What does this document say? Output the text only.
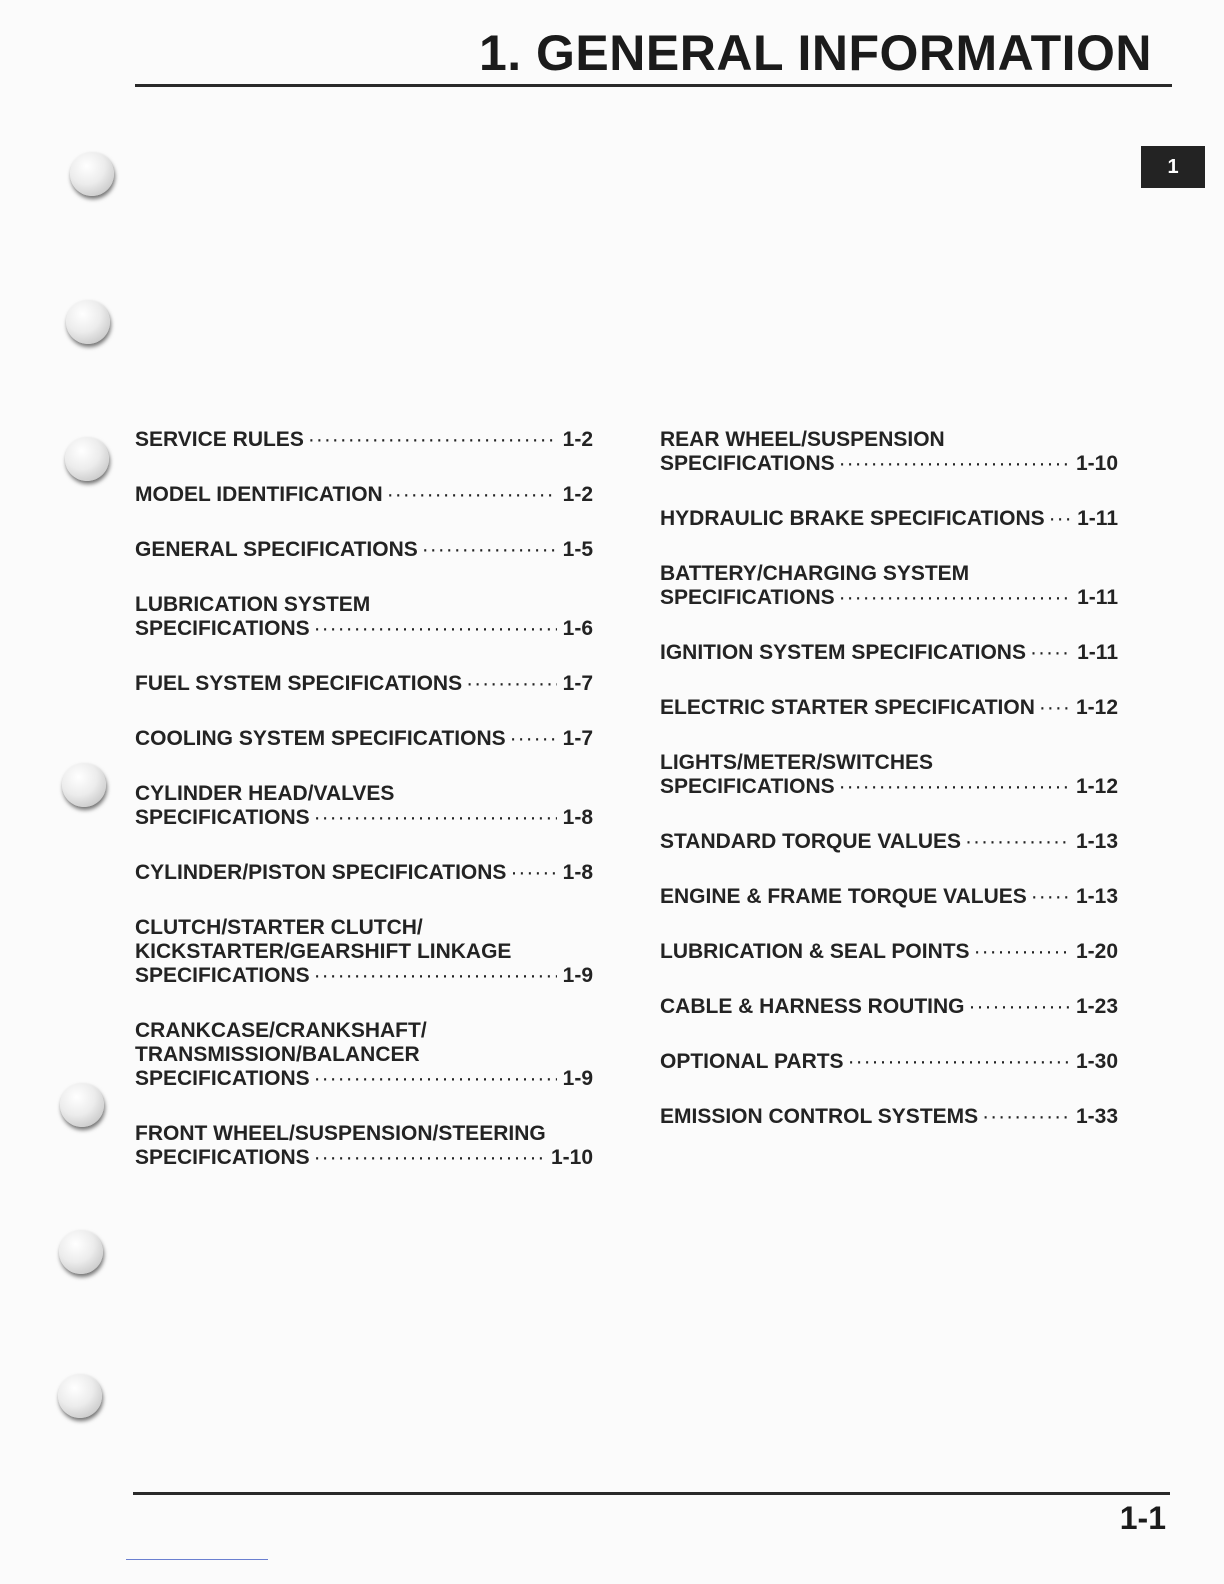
1. GENERAL INFORMATION
1
SERVICE RULES ·····	1-2
MODEL IDENTIFICATION ·····	1-2
GENERAL SPECIFICATIONS ·····	1-5
LUBRICATION SYSTEM
SPECIFICATIONS ·····	1-6
FUEL SYSTEM SPECIFICATIONS ·····	1-7
COOLING SYSTEM SPECIFICATIONS ·····	1-7
CYLINDER HEAD/VALVES
SPECIFICATIONS ·····	1-8
CYLINDER/PISTON SPECIFICATIONS ·····	1-8
CLUTCH/STARTER CLUTCH/
KICKSTARTER/GEARSHIFT LINKAGE
SPECIFICATIONS ·····	1-9
CRANKCASE/CRANKSHAFT/
TRANSMISSION/BALANCER
SPECIFICATIONS ·····	1-9
FRONT WHEEL/SUSPENSION/STEERING
SPECIFICATIONS ·····	1-10
REAR WHEEL/SUSPENSION
SPECIFICATIONS ·····	1-10
HYDRAULIC BRAKE SPECIFICATIONS ····· 1-11
BATTERY/CHARGING SYSTEM
SPECIFICATIONS ·····	1-11
IGNITION SYSTEM SPECIFICATIONS ····· 1-11
ELECTRIC STARTER SPECIFICATION ····· 1-12
LIGHTS/METER/SWITCHES
SPECIFICATIONS ·····	1-12
STANDARD TORQUE VALUES ·····	1-13
ENGINE & FRAME TORQUE VALUES ····· 1-13
LUBRICATION & SEAL POINTS ·····	1-20
CABLE & HARNESS ROUTING ·····	1-23
OPTIONAL PARTS ·····	1-30
EMISSION CONTROL SYSTEMS ·····	1-33
1-1
